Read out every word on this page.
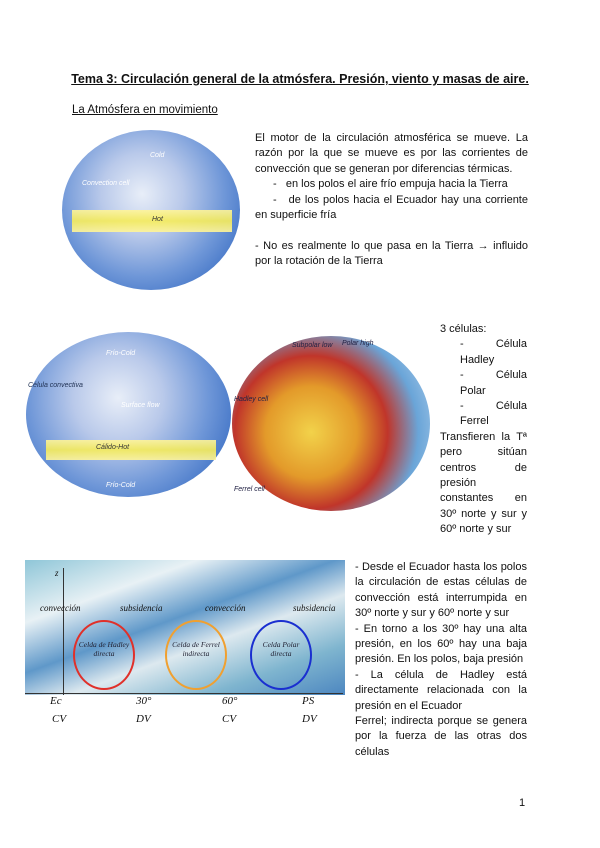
Tema 3: Circulación general de la atmósfera. Presión, viento y masas de aire.
La Atmósfera en movimiento
Cold
Hot
Convection cell

El motor de la circulación atmosférica se mueve. La razón por la que se mueve es por las corrientes de convección que se generan por diferencias térmicas.

-   en los polos el aire frío empuja hacia la Tierra

-   de los polos hacia el Ecuador hay una corriente en superficie fría

- No es realmente lo que pasa en la Tierra → influido por la rotación de la Tierra

Frío-Cold
Cálido-Hot
Frío-Cold
Surface flow
Célula convectiva
Polar high
Subpolar low
Hadley cell
Ferrel cell

3 células:

-    Célula Hadley

-    Célula Polar

-    Célula Ferrel

Transfieren la Tª pero sitúan centros de presión constantes en 30º norte y sur y 60º norte y sur

z
convección	subsidencia	convección	subsidencia
Celda de Hadley directa
Celda de Ferrel indirecta
Celda Polar directa
Ec	30°	60°	PS
CV	DV	CV	DV

- Desde el Ecuador hasta los polos la circulación de estas células de convección está interrumpida en 30º norte y sur y 60º norte y sur

- En torno a los 30º hay una alta presión, en los 60º hay una baja presión. En los polos, baja presión

- La célula de Hadley está directamente relacionada con la presión en el Ecuador

Ferrel; indirecta porque se genera por la fuerza de las otras dos células

1
